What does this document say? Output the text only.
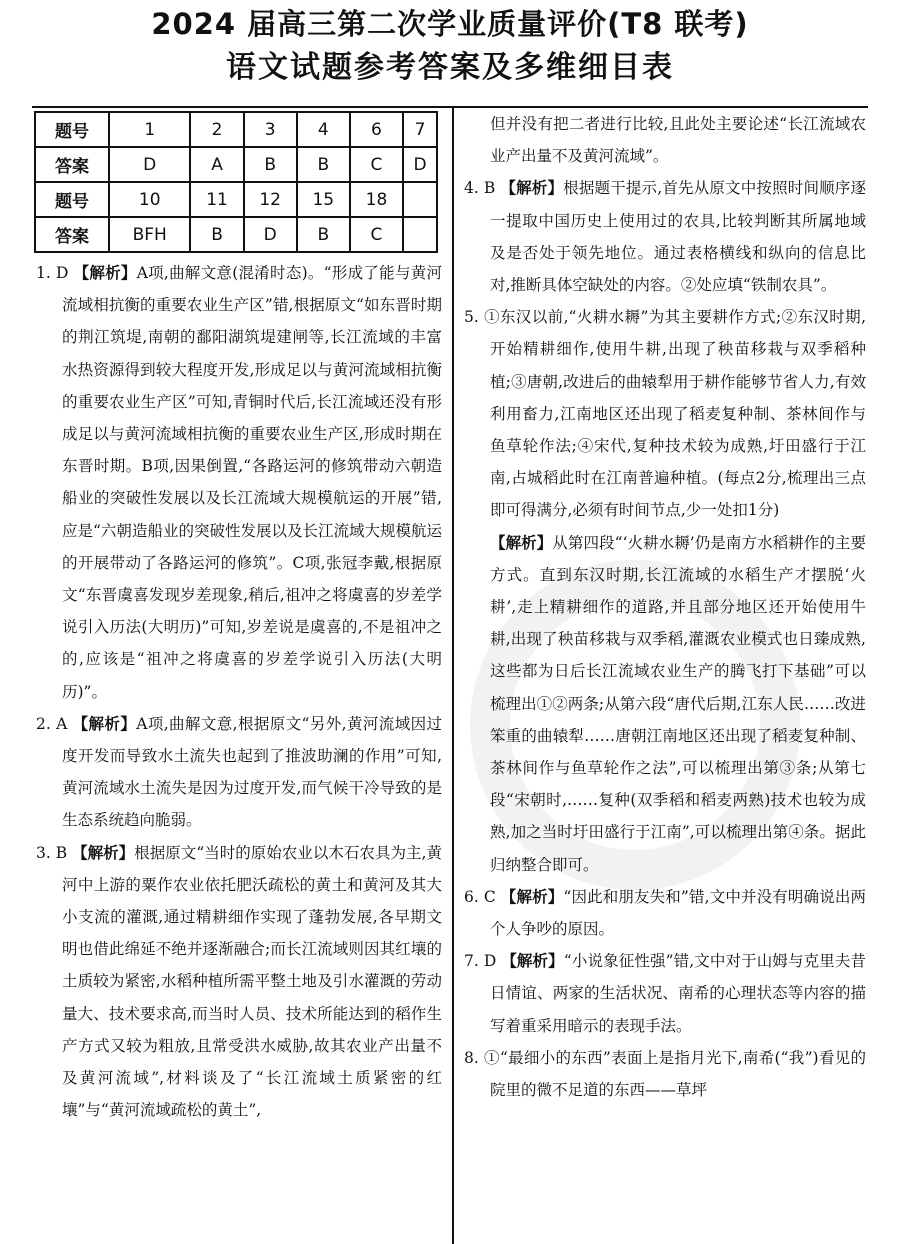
2024 届高三第二次学业质量评价(T8 联考)
语文试题参考答案及多维细目表
题号	1	2	3	4	6	7
答案	D	A	B	B	C	D
题号	10	11	12	15	18	
答案	BFH	B	D	B	C	

1. D 【解析】A项,曲解文意(混淆时态)。“形成了能与黄河流域相抗衡的重要农业生产区”错,根据原文“如东晋时期的荆江筑堤,南朝的鄱阳湖筑堤建闸等,长江流域的丰富水热资源得到较大程度开发,形成足以与黄河流域相抗衡的重要农业生产区”可知,青铜时代后,长江流域还没有形成足以与黄河流域相抗衡的重要农业生产区,形成时期在东晋时期。B项,因果倒置,“各路运河的修筑带动六朝造船业的突破性发展以及长江流域大规模航运的开展”错,应是“六朝造船业的突破性发展以及长江流域大规模航运的开展带动了各路运河的修筑”。C项,张冠李戴,根据原文“东晋虞喜发现岁差现象,稍后,祖冲之将虞喜的岁差学说引入历法(大明历)”可知,岁差说是虞喜的,不是祖冲之的,应该是“祖冲之将虞喜的岁差学说引入历法(大明历)”。

2. A 【解析】A项,曲解文意,根据原文“另外,黄河流域因过度开发而导致水土流失也起到了推波助澜的作用”可知,黄河流域水土流失是因为过度开发,而气候干冷导致的是生态系统趋向脆弱。

3. B 【解析】根据原文“当时的原始农业以木石农具为主,黄河中上游的粟作农业依托肥沃疏松的黄土和黄河及其大小支流的灌溉,通过精耕细作实现了蓬勃发展,各早期文明也借此绵延不绝并逐渐融合;而长江流域则因其红壤的土质较为紧密,水稻种植所需平整土地及引水灌溉的劳动量大、技术要求高,而当时人员、技术所能达到的稻作生产方式又较为粗放,且常受洪水威胁,故其农业产出量不及黄河流域”,材料谈及了“长江流域土质紧密的红壤”与“黄河流域疏松的黄土”,

但并没有把二者进行比较,且此处主要论述“长江流域农业产出量不及黄河流域”。

4. B 【解析】根据题干提示,首先从原文中按照时间顺序逐一提取中国历史上使用过的农具,比较判断其所属地域及是否处于领先地位。通过表格横线和纵向的信息比对,推断具体空缺处的内容。②处应填“铁制农具”。

5. ①东汉以前,“火耕水耨”为其主要耕作方式;②东汉时期,开始精耕细作,使用牛耕,出现了秧苗移栽与双季稻种植;③唐朝,改进后的曲辕犁用于耕作能够节省人力,有效利用畜力,江南地区还出现了稻麦复种制、茶林间作与鱼草轮作法;④宋代,复种技术较为成熟,圩田盛行于江南,占城稻此时在江南普遍种植。(每点2分,梳理出三点即可得满分,必须有时间节点,少一处扣1分)

【解析】从第四段“‘火耕水耨’仍是南方水稻耕作的主要方式。直到东汉时期,长江流域的水稻生产才摆脱‘火耕’,走上精耕细作的道路,并且部分地区还开始使用牛耕,出现了秧苗移栽与双季稻,灌溉农业模式也日臻成熟,这些都为日后长江流域农业生产的腾飞打下基础”可以梳理出①②两条;从第六段“唐代后期,江东人民……改进笨重的曲辕犁……唐朝江南地区还出现了稻麦复种制、茶林间作与鱼草轮作之法”,可以梳理出第③条;从第七段“宋朝时,……复种(双季稻和稻麦两熟)技术也较为成熟,加之当时圩田盛行于江南”,可以梳理出第④条。据此归纳整合即可。

6. C 【解析】“因此和朋友失和”错,文中并没有明确说出两个人争吵的原因。

7. D 【解析】“小说象征性强”错,文中对于山姆与克里夫昔日情谊、两家的生活状况、南希的心理状态等内容的描写着重采用暗示的表现手法。

8. ①“最细小的东西”表面上是指月光下,南希(“我”)看见的院里的微不足道的东西——草坪
